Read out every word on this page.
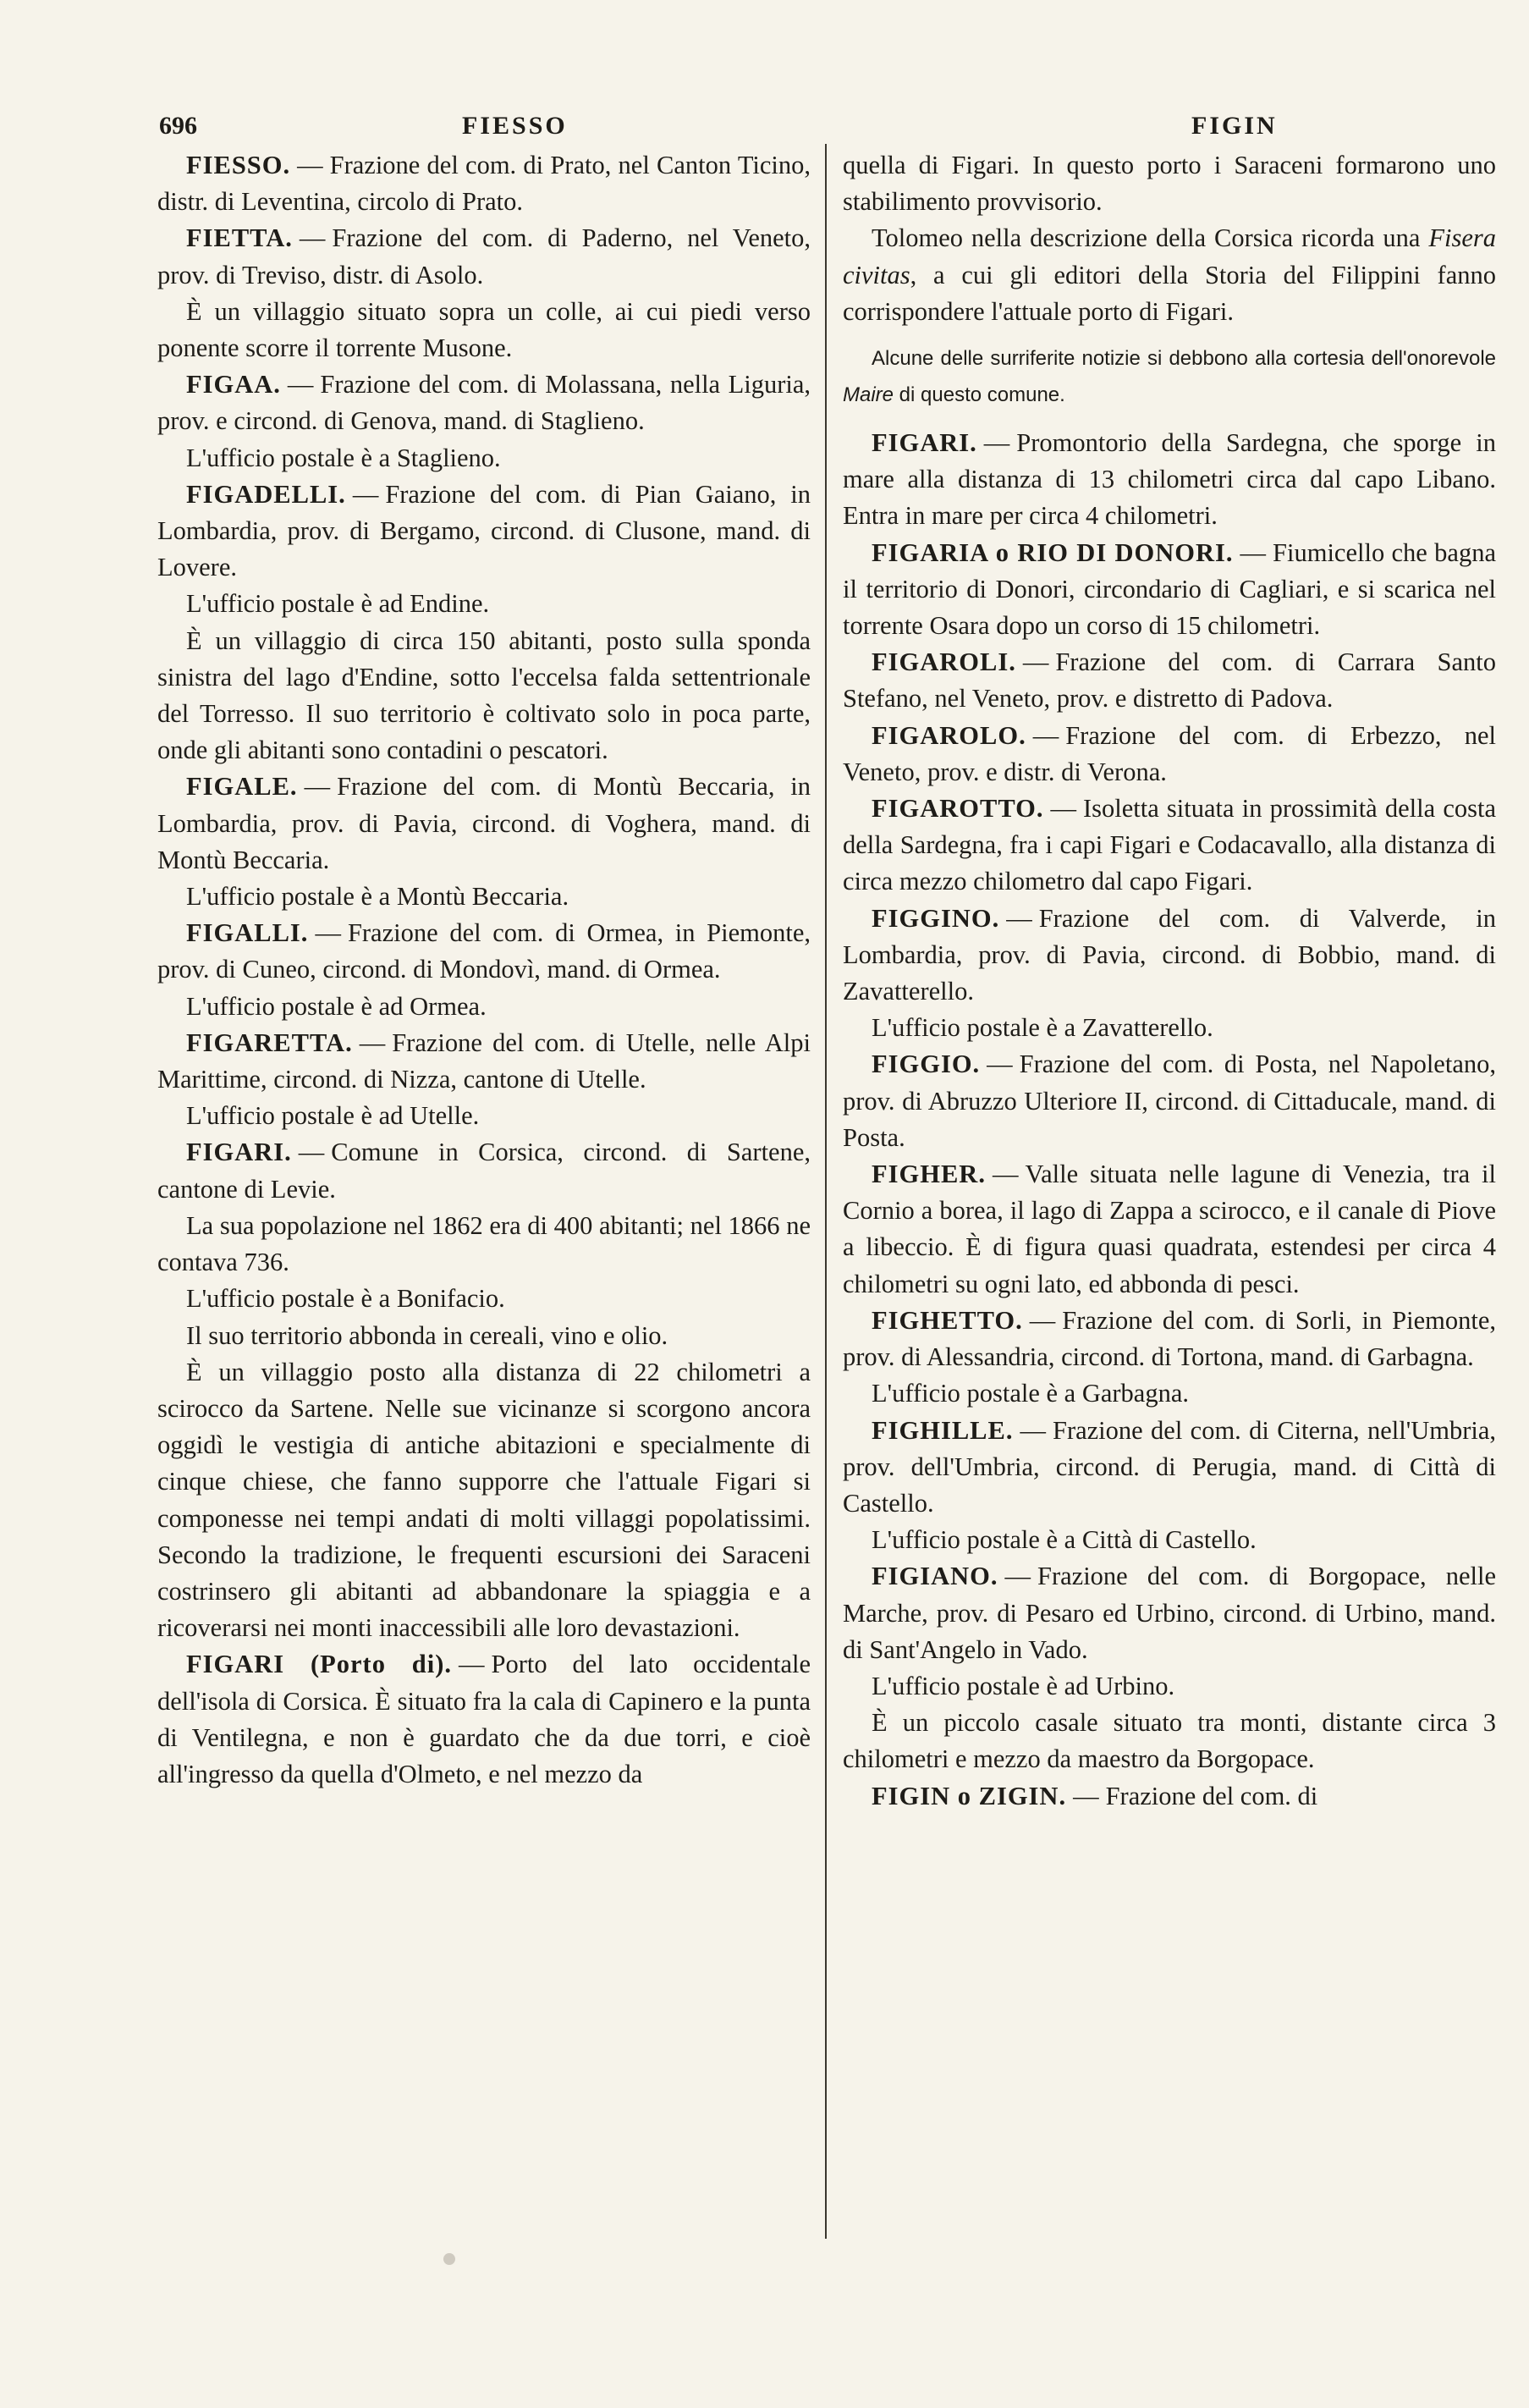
696	FIESSO	FIGIN

FIESSO. — Frazione del com. di Prato, nel Canton Ticino, distr. di Leventina, circolo di Prato.

FIETTA. — Frazione del com. di Paderno, nel Veneto, prov. di Treviso, distr. di Asolo.

È un villaggio situato sopra un colle, ai cui piedi verso ponente scorre il torrente Musone.

FIGAA. — Frazione del com. di Molassana, nella Liguria, prov. e circond. di Genova, mand. di Staglieno.

L'ufficio postale è a Staglieno.

FIGADELLI. — Frazione del com. di Pian Gaiano, in Lombardia, prov. di Bergamo, circond. di Clusone, mand. di Lovere.

L'ufficio postale è ad Endine.

È un villaggio di circa 150 abitanti, posto sulla sponda sinistra del lago d'Endine, sotto l'eccelsa falda settentrionale del Torresso. Il suo territorio è coltivato solo in poca parte, onde gli abitanti sono contadini o pescatori.

FIGALE. — Frazione del com. di Montù Beccaria, in Lombardia, prov. di Pavia, circond. di Voghera, mand. di Montù Beccaria.

L'ufficio postale è a Montù Beccaria.

FIGALLI. — Frazione del com. di Ormea, in Piemonte, prov. di Cuneo, circond. di Mondovì, mand. di Ormea.

L'ufficio postale è ad Ormea.

FIGARETTA. — Frazione del com. di Utelle, nelle Alpi Marittime, circond. di Nizza, cantone di Utelle.

L'ufficio postale è ad Utelle.

FIGARI. — Comune in Corsica, circond. di Sartene, cantone di Levie.

La sua popolazione nel 1862 era di 400 abitanti; nel 1866 ne contava 736.

L'ufficio postale è a Bonifacio.

Il suo territorio abbonda in cereali, vino e olio.

È un villaggio posto alla distanza di 22 chilometri a scirocco da Sartene. Nelle sue vicinanze si scorgono ancora oggidì le vestigia di antiche abitazioni e specialmente di cinque chiese, che fanno supporre che l'attuale Figari si componesse nei tempi andati di molti villaggi popolatissimi. Secondo la tradizione, le frequenti escursioni dei Saraceni costrinsero gli abitanti ad abbandonare la spiaggia e a ricoverarsi nei monti inaccessibili alle loro devastazioni.

FIGARI (Porto di). — Porto del lato occidentale dell'isola di Corsica. È situato fra la cala di Capinero e la punta di Ventilegna, e non è guardato che da due torri, e cioè all'ingresso da quella d'Olmeto, e nel mezzo da

quella di Figari. In questo porto i Saraceni formarono uno stabilimento provvisorio.

Tolomeo nella descrizione della Corsica ricorda una Fisera civitas, a cui gli editori della Storia del Filippini fanno corrispondere l'attuale porto di Figari.

Alcune delle surriferite notizie si debbono alla cortesia dell'onorevole Maire di questo comune.

FIGARI. — Promontorio della Sardegna, che sporge in mare alla distanza di 13 chilometri circa dal capo Libano. Entra in mare per circa 4 chilometri.

FIGARIA o RIO DI DONORI. — Fiumicello che bagna il territorio di Donori, circondario di Cagliari, e si scarica nel torrente Osara dopo un corso di 15 chilometri.

FIGAROLI. — Frazione del com. di Carrara Santo Stefano, nel Veneto, prov. e distretto di Padova.

FIGAROLO. — Frazione del com. di Erbezzo, nel Veneto, prov. e distr. di Verona.

FIGAROTTO. — Isoletta situata in prossimità della costa della Sardegna, fra i capi Figari e Codacavallo, alla distanza di circa mezzo chilometro dal capo Figari.

FIGGINO. — Frazione del com. di Valverde, in Lombardia, prov. di Pavia, circond. di Bobbio, mand. di Zavatterello.

L'ufficio postale è a Zavatterello.

FIGGIO. — Frazione del com. di Posta, nel Napoletano, prov. di Abruzzo Ulteriore II, circond. di Cittaducale, mand. di Posta.

FIGHER. — Valle situata nelle lagune di Venezia, tra il Cornio a borea, il lago di Zappa a scirocco, e il canale di Piove a libeccio. È di figura quasi quadrata, estendesi per circa 4 chilometri su ogni lato, ed abbonda di pesci.

FIGHETTO. — Frazione del com. di Sorli, in Piemonte, prov. di Alessandria, circond. di Tortona, mand. di Garbagna.

L'ufficio postale è a Garbagna.

FIGHILLE. — Frazione del com. di Citerna, nell'Umbria, prov. dell'Umbria, circond. di Perugia, mand. di Città di Castello.

L'ufficio postale è a Città di Castello.

FIGIANO. — Frazione del com. di Borgopace, nelle Marche, prov. di Pesaro ed Urbino, circond. di Urbino, mand. di Sant'Angelo in Vado.

L'ufficio postale è ad Urbino.

È un piccolo casale situato tra monti, distante circa 3 chilometri e mezzo da maestro da Borgopace.

FIGIN o ZIGIN. — Frazione del com. di
